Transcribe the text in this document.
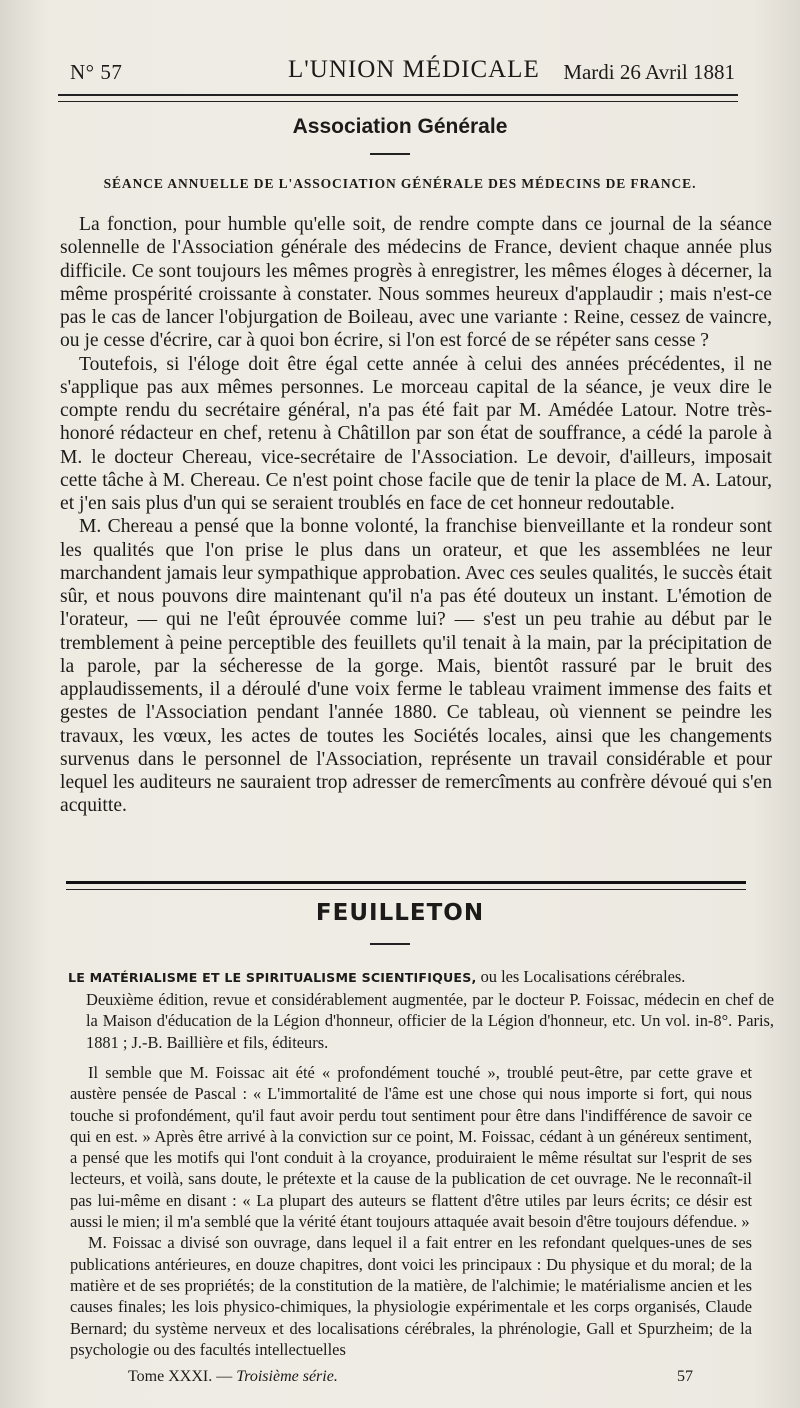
N° 57	L'UNION MÉDICALE Mardi 26 Avril 1881
Association Générale
SÉANCE ANNUELLE DE L'ASSOCIATION GÉNÉRALE DES MÉDECINS DE FRANCE.

La fonction, pour humble qu'elle soit, de rendre compte dans ce journal de la séance solennelle de l'Association générale des médecins de France, devient chaque année plus difficile. Ce sont toujours les mêmes progrès à enregistrer, les mêmes éloges à décerner, la même prospérité croissante à constater. Nous sommes heureux d'applaudir ; mais n'est-ce pas le cas de lancer l'objurgation de Boileau, avec une variante : Reine, cessez de vaincre, ou je cesse d'écrire, car à quoi bon écrire, si l'on est forcé de se répéter sans cesse ?

Toutefois, si l'éloge doit être égal cette année à celui des années précédentes, il ne s'applique pas aux mêmes personnes. Le morceau capital de la séance, je veux dire le compte rendu du secrétaire général, n'a pas été fait par M. Amédée Latour. Notre très-honoré rédacteur en chef, retenu à Châtillon par son état de souffrance, a cédé la parole à M. le docteur Chereau, vice-secrétaire de l'Association. Le devoir, d'ailleurs, imposait cette tâche à M. Chereau. Ce n'est point chose facile que de tenir la place de M. A. Latour, et j'en sais plus d'un qui se seraient troublés en face de cet honneur redoutable.

M. Chereau a pensé que la bonne volonté, la franchise bienveillante et la rondeur sont les qualités que l'on prise le plus dans un orateur, et que les assemblées ne leur marchandent jamais leur sympathique approbation. Avec ces seules qualités, le succès était sûr, et nous pouvons dire maintenant qu'il n'a pas été douteux un instant. L'émotion de l'orateur, — qui ne l'eût éprouvée comme lui? — s'est un peu trahie au début par le tremblement à peine perceptible des feuillets qu'il tenait à la main, par la précipitation de la parole, par la sécheresse de la gorge. Mais, bientôt rassuré par le bruit des applaudissements, il a déroulé d'une voix ferme le tableau vraiment immense des faits et gestes de l'Association pendant l'année 1880. Ce tableau, où viennent se peindre les travaux, les vœux, les actes de toutes les Sociétés locales, ainsi que les changements survenus dans le personnel de l'Association, représente un travail considérable et pour lequel les auditeurs ne sauraient trop adresser de remercîments au confrère dévoué qui s'en acquitte.

FEUILLETON
LE MATÉRIALISME ET LE SPIRITUALISME SCIENTIFIQUES, ou les Localisations cérébrales.

Deuxième édition, revue et considérablement augmentée, par le docteur P. Foissac, médecin en chef de la Maison d'éducation de la Légion d'honneur, officier de la Légion d'honneur, etc. Un vol. in-8°. Paris, 1881 ; J.-B. Baillière et fils, éditeurs.

Il semble que M. Foissac ait été « profondément touché », troublé peut-être, par cette grave et austère pensée de Pascal : « L'immortalité de l'âme est une chose qui nous importe si fort, qui nous touche si profondément, qu'il faut avoir perdu tout sentiment pour être dans l'indifférence de savoir ce qui en est. » Après être arrivé à la conviction sur ce point, M. Foissac, cédant à un généreux sentiment, a pensé que les motifs qui l'ont conduit à la croyance, produiraient le même résultat sur l'esprit de ses lecteurs, et voilà, sans doute, le prétexte et la cause de la publication de cet ouvrage. Ne le reconnaît-il pas lui-même en disant : « La plupart des auteurs se flattent d'être utiles par leurs écrits; ce désir est aussi le mien; il m'a semblé que la vérité étant toujours attaquée avait besoin d'être toujours défendue. »

M. Foissac a divisé son ouvrage, dans lequel il a fait entrer en les refondant quelques-unes de ses publications antérieures, en douze chapitres, dont voici les principaux : Du physique et du moral; de la matière et de ses propriétés; de la constitution de la matière, de l'alchimie; le matérialisme ancien et les causes finales; les lois physico-chimiques, la physiologie expérimentale et les corps organisés, Claude Bernard; du système nerveux et des localisations cérébrales, la phrénologie, Gall et Spurzheim; de la psychologie ou des facultés intellectuelles

Tome XXXI. — Troisième série.	57
